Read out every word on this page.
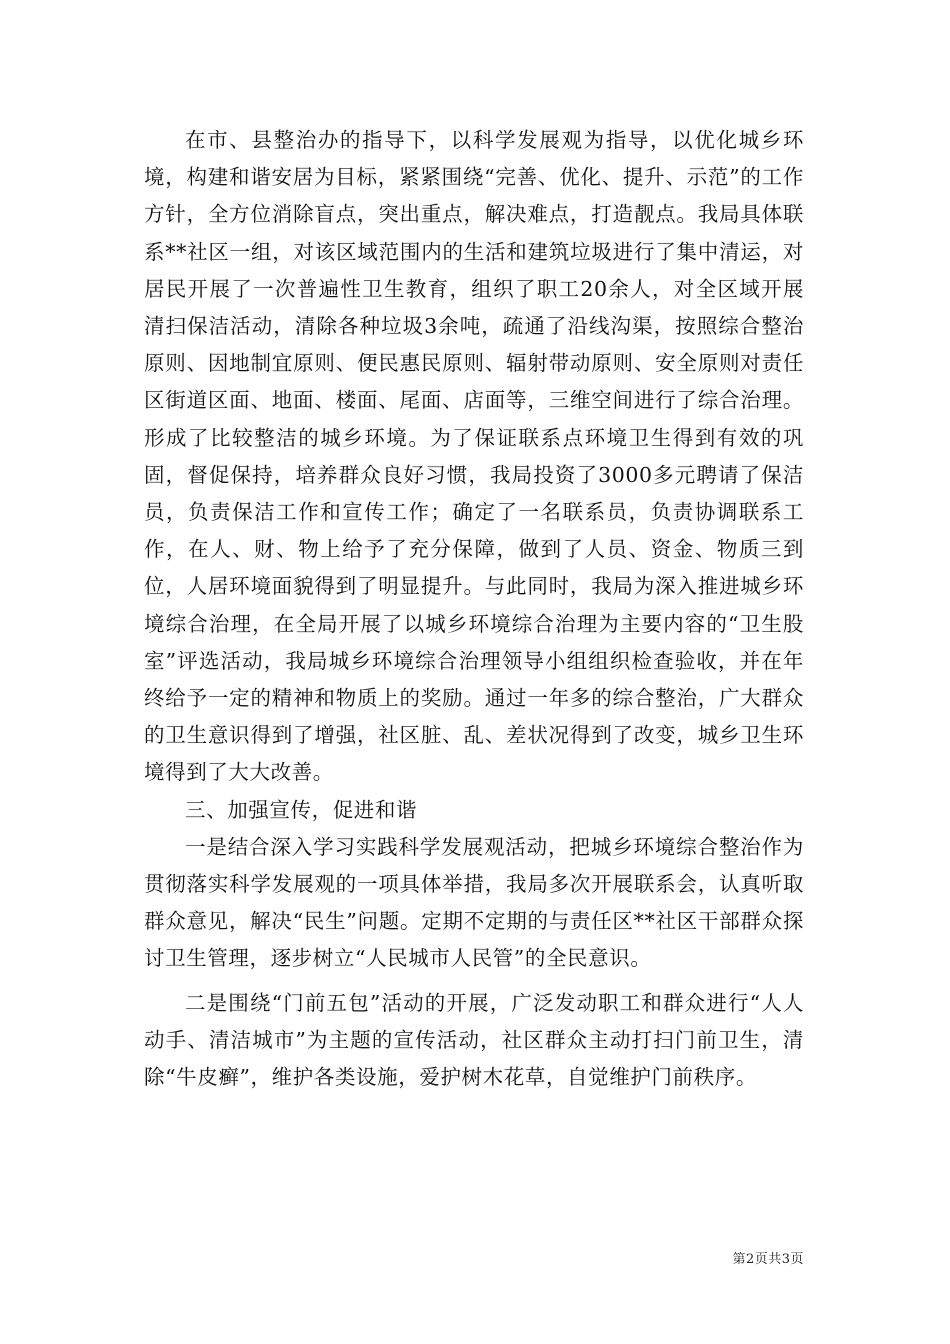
在市、县整治办的指导下，以科学发展观为指导，以优化城乡环境，构建和谐安居为目标，紧紧围绕“完善、优化、提升、示范”的工作方针，全方位消除盲点，突出重点，解决难点，打造靓点。我局具体联系**社区一组，对该区域范围内的生活和建筑垃圾进行了集中清运，对居民开展了一次普遍性卫生教育，组织了职工20余人，对全区域开展清扫保洁活动，清除各种垃圾3余吨，疏通了沿线沟渠，按照综合整治原则、因地制宜原则、便民惠民原则、辐射带动原则、安全原则对责任区街道区面、地面、楼面、尾面、店面等，三维空间进行了综合治理。形成了比较整洁的城乡环境。为了保证联系点环境卫生得到有效的巩固，督促保持，培养群众良好习惯，我局投资了3000多元聘请了保洁员，负责保洁工作和宣传工作；确定了一名联系员，负责协调联系工作，在人、财、物上给予了充分保障，做到了人员、资金、物质三到位，人居环境面貌得到了明显提升。与此同时，我局为深入推进城乡环境综合治理，在全局开展了以城乡环境综合治理为主要内容的“卫生股室”评选活动，我局城乡环境综合治理领导小组组织检查验收，并在年终给予一定的精神和物质上的奖励。通过一年多的综合整治，广大群众的卫生意识得到了增强，社区脏、乱、差状况得到了改变，城乡卫生环境得到了大大改善。

三、加强宣传，促进和谐

一是结合深入学习实践科学发展观活动，把城乡环境综合整治作为贯彻落实科学发展观的一项具体举措，我局多次开展联系会，认真听取群众意见，解决“民生”问题。定期不定期的与责任区**社区干部群众探讨卫生管理，逐步树立“人民城市人民管”的全民意识。

二是围绕“门前五包”活动的开展，广泛发动职工和群众进行“人人动手、清洁城市”为主题的宣传活动，社区群众主动打扫门前卫生，清除“牛皮癣”，维护各类设施，爱护树木花草，自觉维护门前秩序。

第2页共3页
